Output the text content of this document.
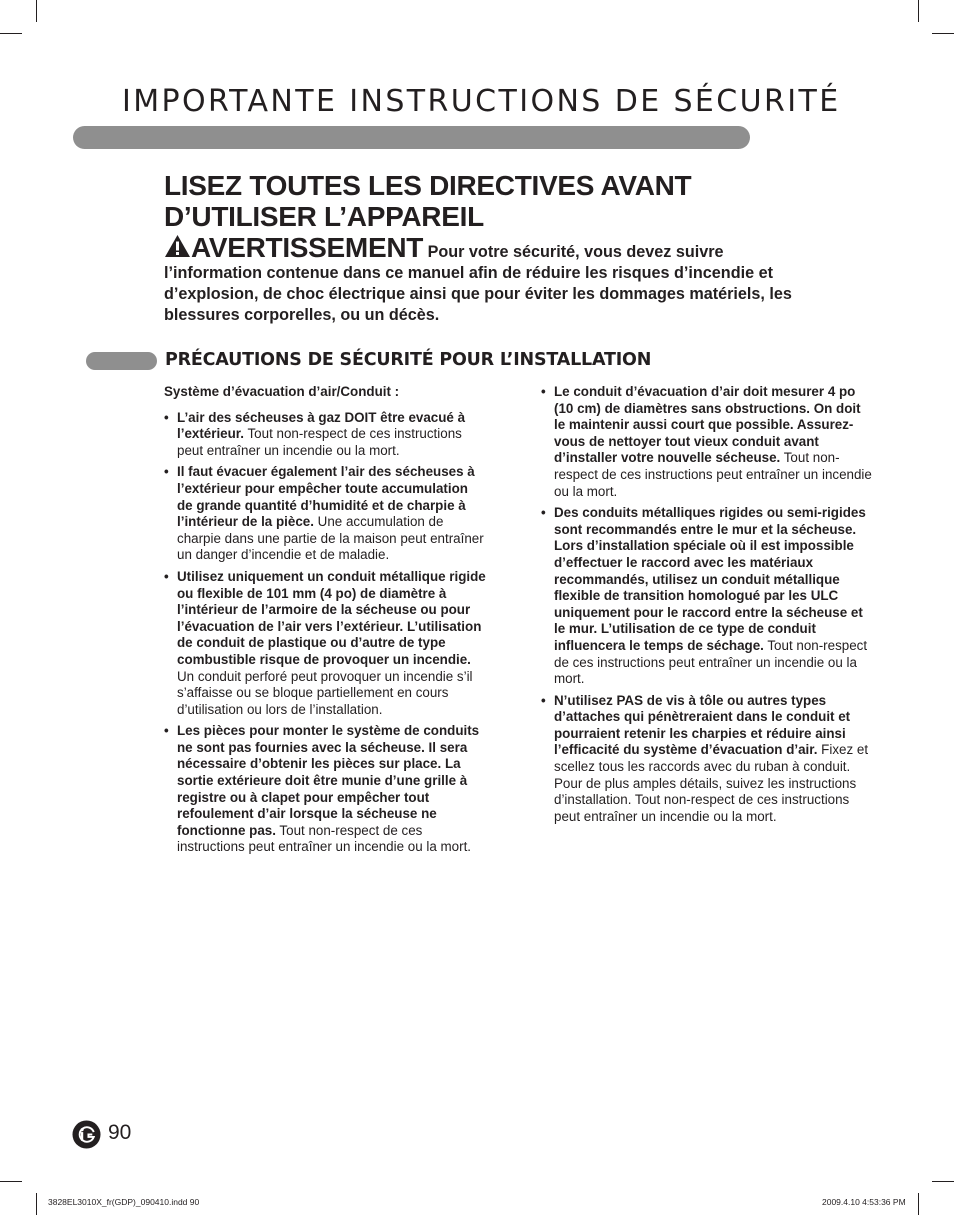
IMPORTANTE INSTRUCTIONS DE SÉCURITÉ
LISEZ TOUTES LES DIRECTIVES AVANT
D’UTILISER L’APPAREIL
AVERTISSEMENT Pour votre sécurité, vous devez suivre l’information contenue dans ce manuel afin de réduire les risques d’incendie et d’explosion, de choc électrique ainsi que pour éviter les dommages matériels, les blessures corporelles, ou un décès.
PRÉCAUTIONS DE SÉCURITÉ POUR L’INSTALLATION

Système d’évacuation d’air/Conduit :

• L’air des sécheuses à gaz DOIT être evacué à l’extérieur. Tout non-respect de ces instructions peut entraîner un incendie ou la mort.
• Il faut évacuer également l’air des sécheuses à l’extérieur pour empêcher toute accumulation de grande quantité d’humidité et de charpie à l’intérieur de la pièce. Une accumulation de charpie dans une partie de la maison peut entraîner un danger d’incendie et de maladie.
• Utilisez uniquement un conduit métallique rigide ou flexible de 101 mm (4 po) de diamètre à l’intérieur de l’armoire de la sécheuse ou pour l’évacuation de l’air vers l’extérieur. L’utilisation de conduit de plastique ou d’autre de type combustible risque de provoquer un incendie. Un conduit perforé peut provoquer un incendie s’il s’affaisse ou se bloque partiellement en cours d’utilisation ou lors de l’installation.
• Les pièces pour monter le système de conduits ne sont pas fournies avec la sécheuse. Il sera nécessaire d’obtenir les pièces sur place. La sortie extérieure doit être munie d’une grille à registre ou à clapet pour empêcher tout refoulement d’air lorsque la sécheuse ne fonctionne pas. Tout non-respect de ces instructions peut entraîner un incendie ou la mort.
• Le conduit d’évacuation d’air doit mesurer 4 po (10 cm) de diamètres sans obstructions. On doit le maintenir aussi court que possible. Assurez-vous de nettoyer tout vieux conduit avant d’installer votre nouvelle sécheuse. Tout non-respect de ces instructions peut entraîner un incendie ou la mort.
• Des conduits métalliques rigides ou semi-rigides sont recommandés entre le mur et la sécheuse. Lors d’installation spéciale où il est impossible d’effectuer le raccord avec les matériaux recommandés, utilisez un conduit métallique flexible de transition homologué par les ULC uniquement pour le raccord entre la sécheuse et le mur. L’utilisation de ce type de conduit influencera le temps de séchage. Tout non-respect de ces instructions peut entraîner un incendie ou la mort.
• N’utilisez PAS de vis à tôle ou autres types d’attaches qui pénètreraient dans le conduit et pourraient retenir les charpies et réduire ainsi l’efficacité du système d’évacuation d’air. Fixez et scellez tous les raccords avec du ruban à conduit. Pour de plus amples détails, suivez les instructions d’installation. Tout non-respect de ces instructions peut entraîner un incendie ou la mort.
90
3828EL3010X_fr(GDP)_090410.indd 90	2009.4.10 4:53:36 PM
